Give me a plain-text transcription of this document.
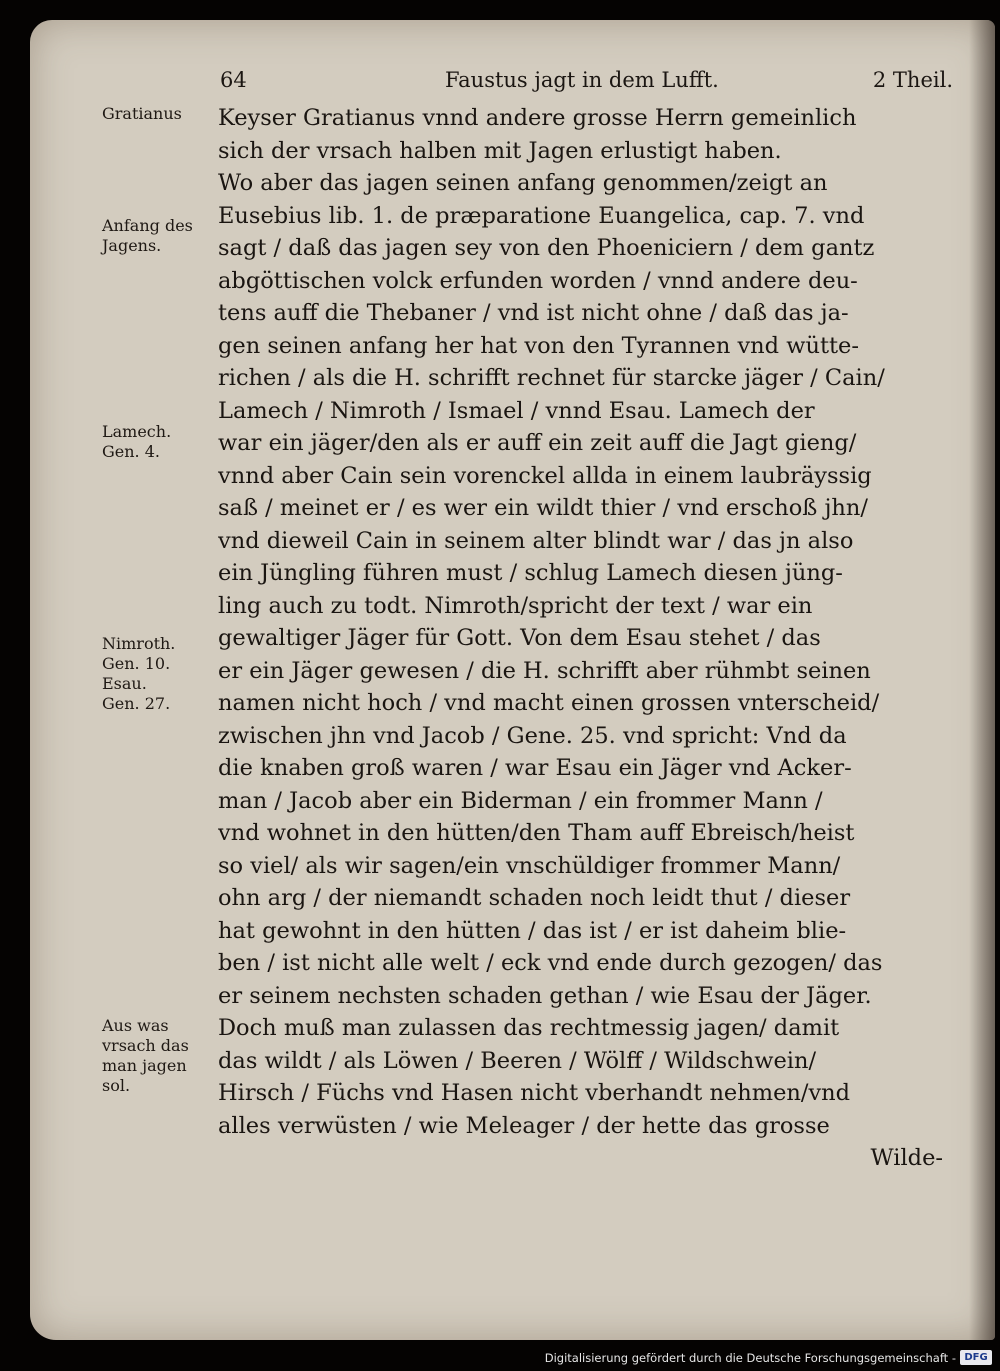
64	Faustus jagt in dem Lufft.	2 Theil.
Gratianus
Anfang des
Jagens.
Lamech.
Gen. 4.
Nimroth.
Gen. 10.
Esau.
Gen. 27.
Aus was
vrsach das
man jagen
sol.
Keyser Gratianus vnnd andere grosse Herrn gemeinlich
sich der vrsach halben mit Jagen erlustigt haben.
Wo aber das jagen seinen anfang genommen/zeigt an
Eusebius lib. 1. de præparatione Euangelica, cap. 7. vnd
sagt / daß das jagen sey von den Phoeniciern / dem gantz
abgöttischen volck erfunden worden / vnnd andere deu-
tens auff die Thebaner / vnd ist nicht ohne / daß das ja-
gen seinen anfang her hat von den Tyrannen vnd wütte-
richen / als die H. schrifft rechnet für starcke jäger / Cain/
Lamech / Nimroth / Ismael / vnnd Esau. Lamech der
war ein jäger/den als er auff ein zeit auff die Jagt gieng/
vnnd aber Cain sein vorenckel allda in einem laubräyssig
saß / meinet er / es wer ein wildt thier / vnd erschoß jhn/
vnd dieweil Cain in seinem alter blindt war / das jn also
ein Jüngling führen must / schlug Lamech diesen jüng-
ling auch zu todt. Nimroth/spricht der text / war ein
gewaltiger Jäger für Gott. Von dem Esau stehet / das
er ein Jäger gewesen / die H. schrifft aber rühmbt seinen
namen nicht hoch / vnd macht einen grossen vnterscheid/
zwischen jhn vnd Jacob / Gene. 25. vnd spricht: Vnd da
die knaben groß waren / war Esau ein Jäger vnd Acker-
man / Jacob aber ein Biderman / ein frommer Mann /
vnd wohnet in den hütten/den Tham auff Ebreisch/heist
so viel/ als wir sagen/ein vnschüldiger frommer Mann/
ohn arg / der niemandt schaden noch leidt thut / dieser
hat gewohnt in den hütten / das ist / er ist daheim blie-
ben / ist nicht alle welt / eck vnd ende durch gezogen/ das
er seinem nechsten schaden gethan / wie Esau der Jäger.
Doch muß man zulassen das rechtmessig jagen/ damit
das wildt / als Löwen / Beeren / Wölff / Wildschwein/
Hirsch / Füchs vnd Hasen nicht vberhandt nehmen/vnd
alles verwüsten / wie Meleager / der hette das grosse
Wilde-
Digitalisierung gefördert durch die Deutsche Forschungsgemeinschaft - DFG
